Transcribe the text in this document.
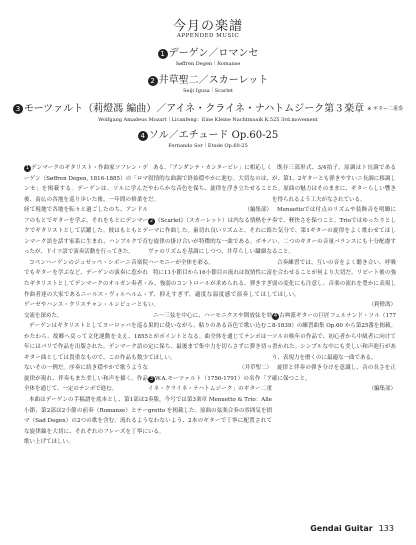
今月の楽譜
APPENDED MUSIC
1 デーゲン／ロマンセ
Søffren Degen｜Romanse
2 井草聖二／スカーレット
Seiji Igusa｜Scarlet
3 モーツァルト（莉燈馮 編曲）／アイネ・クライネ・ナハトムジーク第３楽章 ※ ギター二重奏
Wolfgang Amadeus Mozart｜Licanfeng：Eine Kleine Nachtmusik K.525 3rd.movement
4 ソル／エチュード Op.60-25
Fernando Sor｜Étude Op.60-25

1 デンマークのギタリスト・作曲家ソフレン・デーゲン（Søffren Degen, 1816-1885）の「ロマンセ」を掲載する。デーゲンは、ソルに学んだ後、南仏の各地を巡り歩いた後、一年間の修業を経て現地で各地を転々と過ごしたのち、アンドルフのもとでギターを学ぶ。それをもとにデンマークでギタリストとして活躍した。彼はもともとデンマーク語を話す家系に生まれ、ハンブルクで育ったが、ドイツ語で演奏活動を行ってきた。

コペンハーゲンのジュゼッペ・シボーニ音楽院でもギターを学ぶなど、デーゲンの演奏に惹かれたギタリストとしてデンマークのオルガン奏者・作曲者達の大家であるニールス・ヴィルヘルム・ゲーゼやハンス・クリスチャン・ルンビューとも交流を深めた。

デーゲンはギタリストとしてヨーロッパを巡るかたわら、故郷へ戻って文化運動を支え、1855年にはパリで作品を出版された。デンマーク語のギター曲としては貴重なもので、この作品も数少ないその一例だ。序奏に続き穏やかで歌うような旋律が現れ、伴奏もまた美しい和声を描く。作品全体を通じて、一定のテンポで進む。

本曲はデーゲンの手稿譜を底本とし、第1部は2小節、第2部は2小節の前奏（Romanze）とテーマ（Sad Degen）の2つの歌を含む。流れるような旋律線を大切に、それぞれのフレーズを丁寧に歌い上げてほしい。

ある、「アンダンテ・カンタービレ」に相応しく叙情的な曲調で終始穏やかに進む。大切なのは、やわらかな音色を保ち、旋律を浮き立たせることだ。

（編集部）

2 《Scarlet》（スカーレット）は内なる情熱をテーマに作曲した。歯切れ良いリズムと、それに絡む旋律の掛け合いが特徴的な一曲である。ボサノヴァのリズムを基調にしつつ、井草らしい繊細なハーモニーが全体を彩る。

特に11小節目から16小節目の流れは叙情性に富み、強弱のコントロールが求められる。弾きすぎず、抑えすぎず、適度な温度感で演奏してほしい。

ニ〜三弦を中心に、ハーモニクスや開放弦を効果的に使いながら、粘りのある音色で歌い込むことがポイントとなる。曲全体を通じてテンポは一定に保ち、最後まで集中力を切らさずに弾き切ってほしい。

（井草聖二）

3 W.A.モーツァルト（1756-1791）の名作「アイネ・クライネ・ナハトムジーク」のギター二重奏版。今号では第3楽章 Menuetto & Trio：Allegretto を掲載した。原曲の弦楽合奏の雰囲気を損なわないよう、2本のギターで丁寧に配置されている。

既存三部形式、3/4拍子。原調はト長調であるが、第1、2ギターとも弾きやすいニ長調に移調した。原曲の魅力はそのままに、ギターらしい響きを得られるよう工夫がなされている。

Menuettoでは付点のリズムや装飾音を明瞭に奏で、軽快さを保つこと。Trioではゆったりとした気分で、第1ギターの旋律をよく歌わせてほしい。二つのギターの音量バランスにも十分配慮すること。

合奏練習では、互いの音をよく聴き合い、呼吸を合わせることが何より大切だ。リピート後の強弱の変化にも注意し、音楽の流れを豊かに表現してほしい。

（莉燈馮）

4 古典派ギターの巨匠フェルナンド・ソル（1778-1839）の練習曲集 Op.60 から第25番を掲載。ソルの晩年の作品で、初心者から中級者に向けて書かれた。シンプルな中にも美しい和声進行があり、表現力を磨くのに最適な一曲である。

旋律と伴奏の弾き分けを意識し、音の長さを正確に保つこと。

（編集部）

Gendai Guitar 133
